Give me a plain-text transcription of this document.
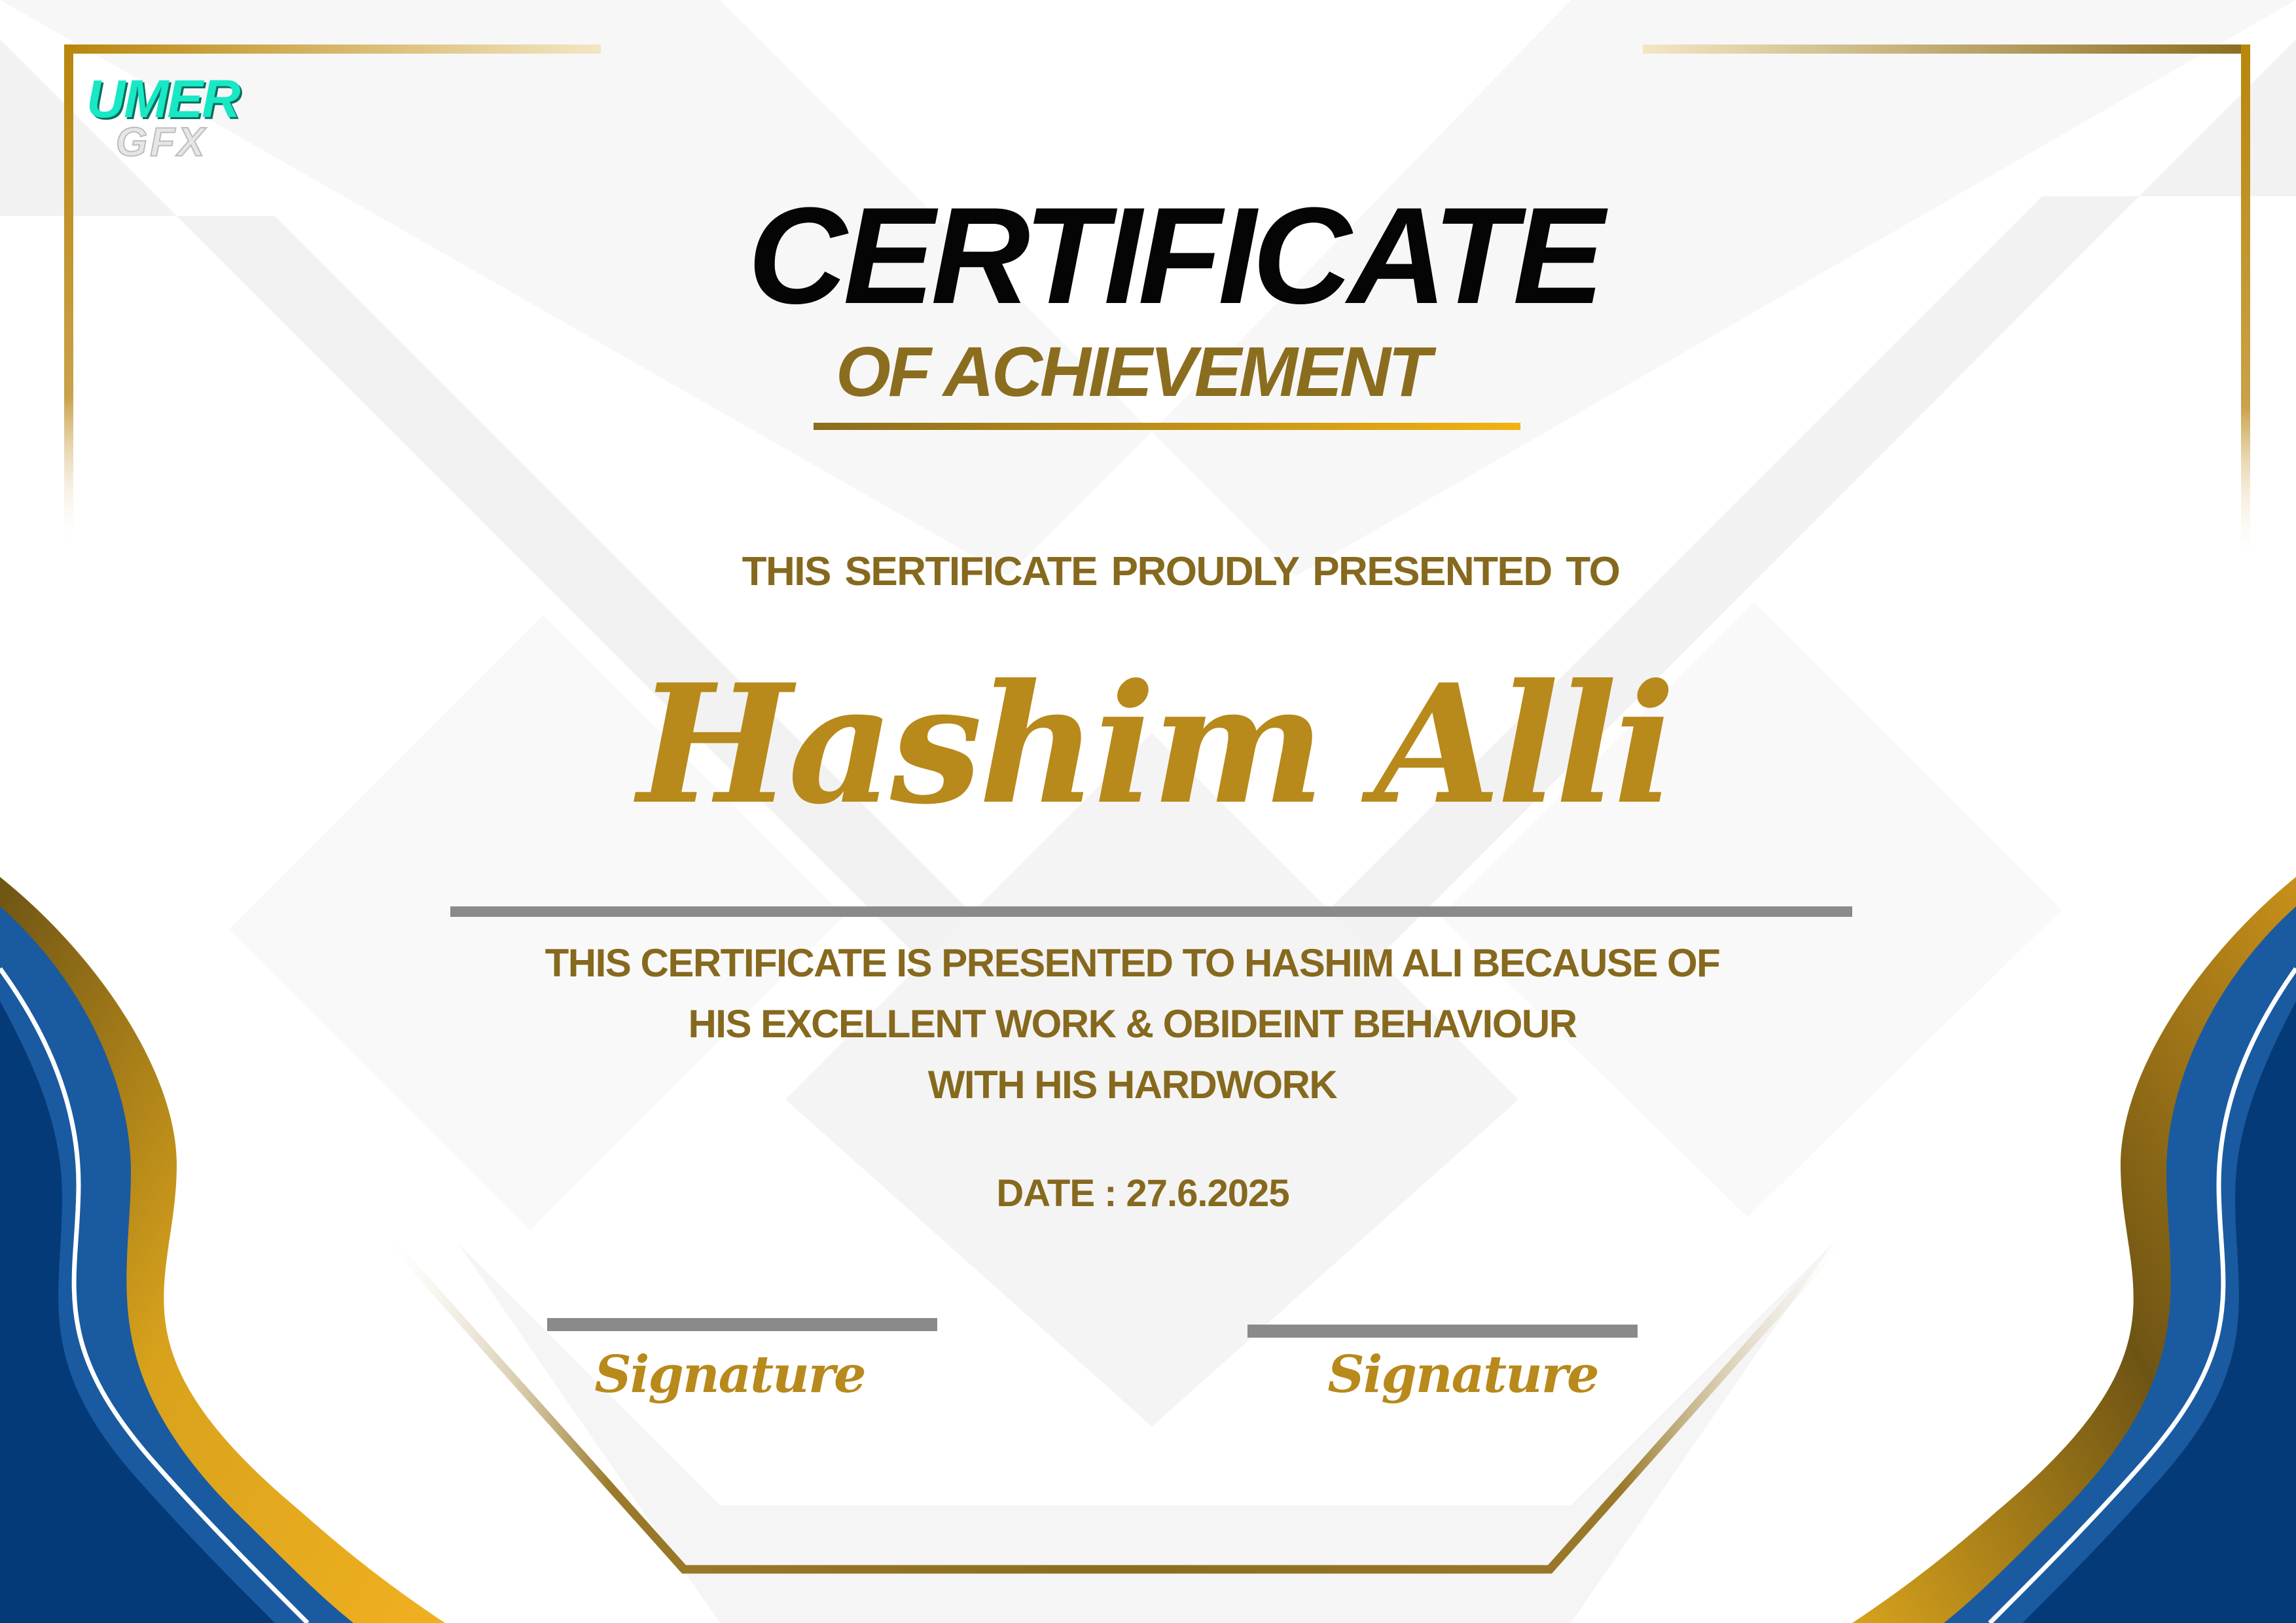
UMER
GFX
CERTIFICATE
OF ACHIEVEMENT
THIS SERTIFICATE PROUDLY PRESENTED TO
Hashim Alli
THIS CERTIFICATE IS PRESENTED TO HASHIM ALI BECAUSE OF
HIS EXCELLENT WORK & OBIDEINT BEHAVIOUR
WITH HIS HARDWORK
DATE : 27.6.2025
Signature	Signature
